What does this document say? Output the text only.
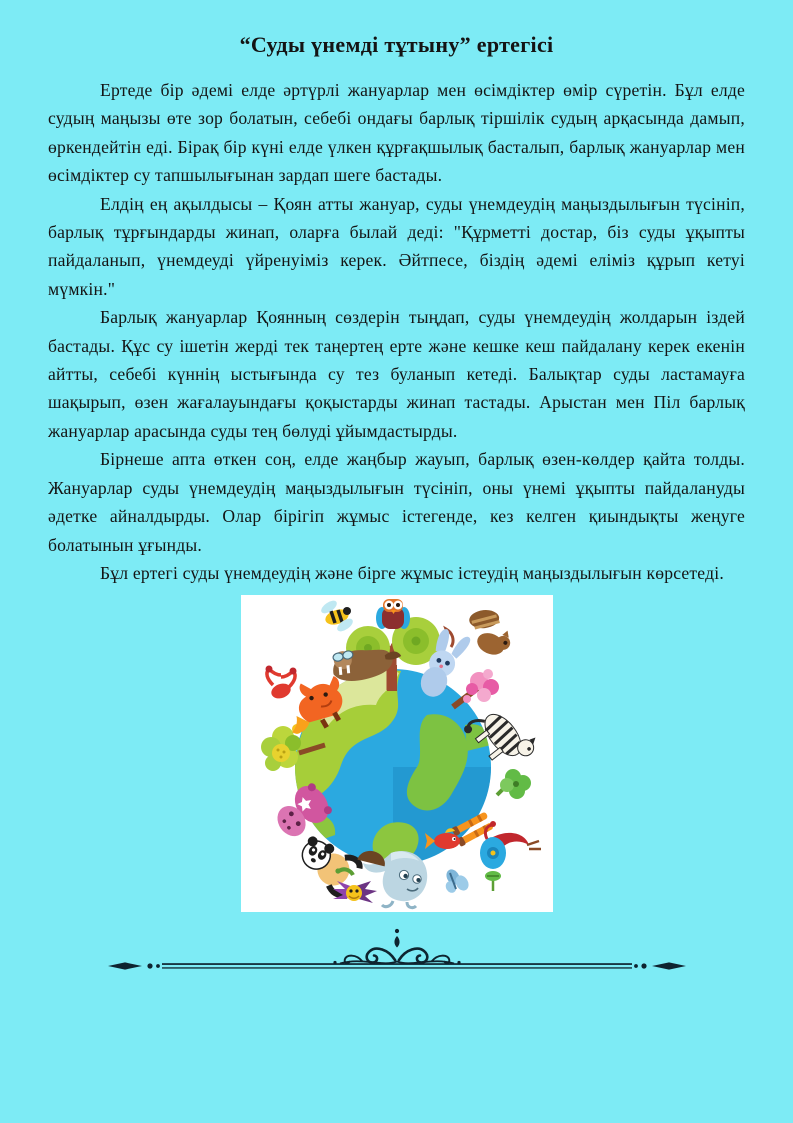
“Суды үнемді тұтыну” ертегісі

Ертеде бір әдемі елде әртүрлі жануарлар мен өсімдіктер өмір сүретін. Бұл елде судың маңызы өте зор болатын, себебі ондағы барлық тіршілік судың арқасында дамып, өркендейтін еді. Бірақ бір күні елде үлкен құрғақшылық басталып, барлық жануарлар мен өсімдіктер су тапшылығынан зардап шеге бастады.

Елдің ең ақылдысы – Қоян атты жануар, суды үнемдеудің маңыздылығын түсініп, барлық тұрғындарды жинап, оларға былай деді: "Құрметті достар, біз суды ұқыпты пайдаланып, үнемдеуді үйренуіміз керек. Әйтпесе, біздің әдемі еліміз құрып кетуі мүмкін."

Барлық жануарлар Қоянның сөздерін тыңдап, суды үнемдеудің жолдарын іздей бастады. Құс су ішетін жерді тек таңертең ерте және кешке кеш пайдалану керек екенін айтты, себебі күннің ыстығында су тез буланып кетеді. Балықтар суды ластамауға шақырып, өзен жағалауындағы қоқыстарды жинап тастады. Арыстан мен Піл барлық жануарлар арасында суды тең бөлуді ұйымдастырды.

Бірнеше апта өткен соң, елде жаңбыр жауып, барлық өзен-көлдер қайта толды. Жануарлар суды үнемдеудің маңыздылығын түсініп, оны үнемі ұқыпты пайдалануды әдетке айналдырды. Олар бірігіп жұмыс істегенде, кез келген қиындықты жеңуге болатынын ұғынды.

Бұл ертегі суды үнемдеудің және бірге жұмыс істеудің маңыздылығын көрсетеді.
